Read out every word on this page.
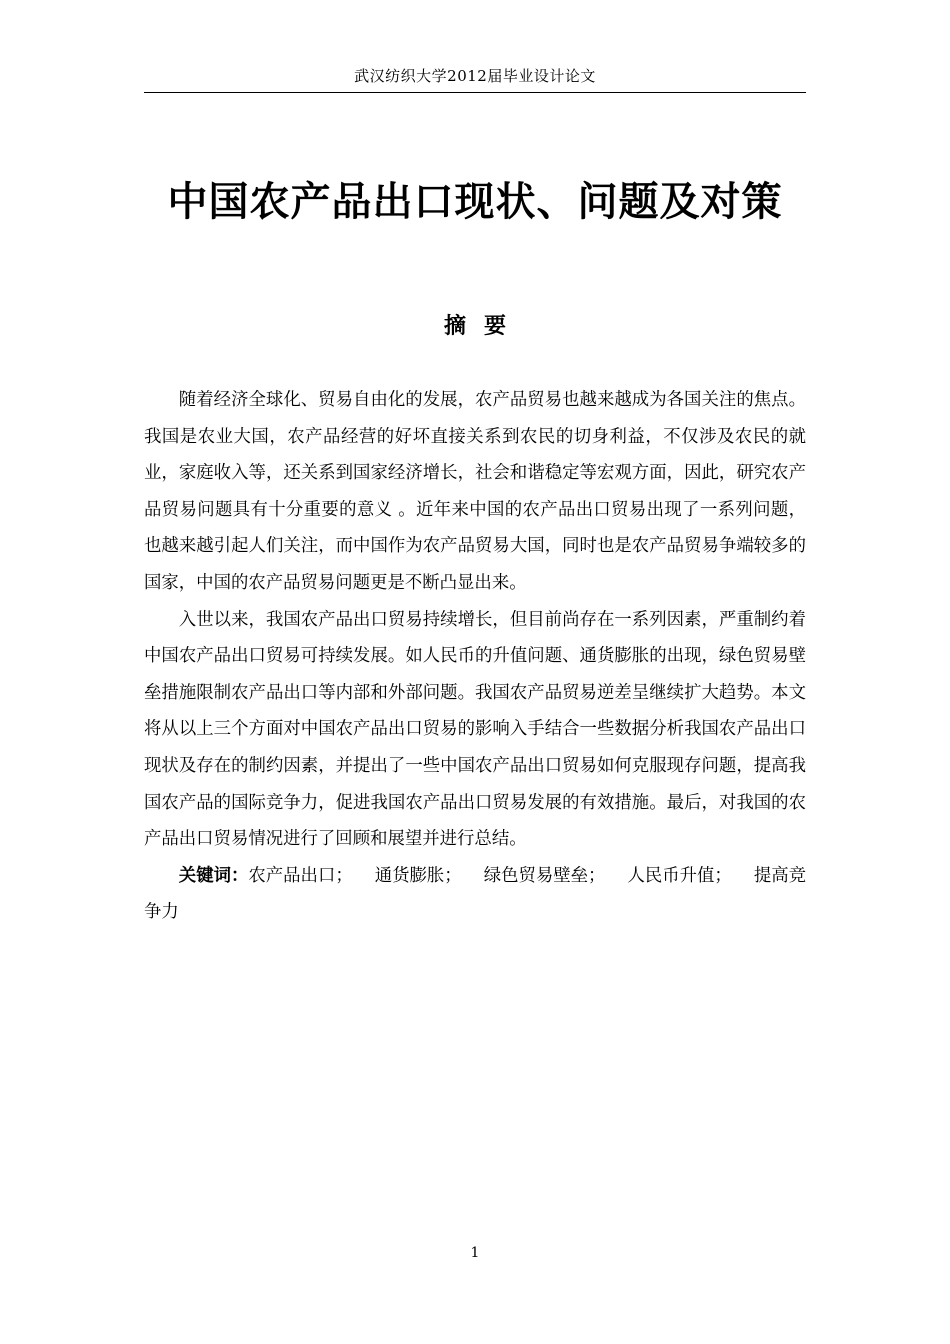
武汉纺织大学2012届毕业设计论文
中国农产品出口现状、问题及对策
摘要

随着经济全球化、贸易自由化的发展，农产品贸易也越来越成为各国关注的焦点。我国是农业大国，农产品经营的好坏直接关系到农民的切身利益，不仅涉及农民的就业，家庭收入等，还关系到国家经济增长，社会和谐稳定等宏观方面，因此，研究农产品贸易问题具有十分重要的意义 。近年来中国的农产品出口贸易出现了一系列问题，也越来越引起人们关注，而中国作为农产品贸易大国，同时也是农产品贸易争端较多的国家，中国的农产品贸易问题更是不断凸显出来。

入世以来，我国农产品出口贸易持续增长，但目前尚存在一系列因素，严重制约着中国农产品出口贸易可持续发展。如人民币的升值问题、通货膨胀的出现，绿色贸易壁垒措施限制农产品出口等内部和外部问题。我国农产品贸易逆差呈继续扩大趋势。本文将从以上三个方面对中国农产品出口贸易的影响入手结合一些数据分析我国农产品出口现状及存在的制约因素，并提出了一些中国农产品出口贸易如何克服现存问题，提高我国农产品的国际竞争力，促进我国农产品出口贸易发展的有效措施。最后，对我国的农产品出口贸易情况进行了回顾和展望并进行总结。

关键词：农产品出口； 通货膨胀； 绿色贸易壁垒； 人民币升值； 提高竞争力

1
